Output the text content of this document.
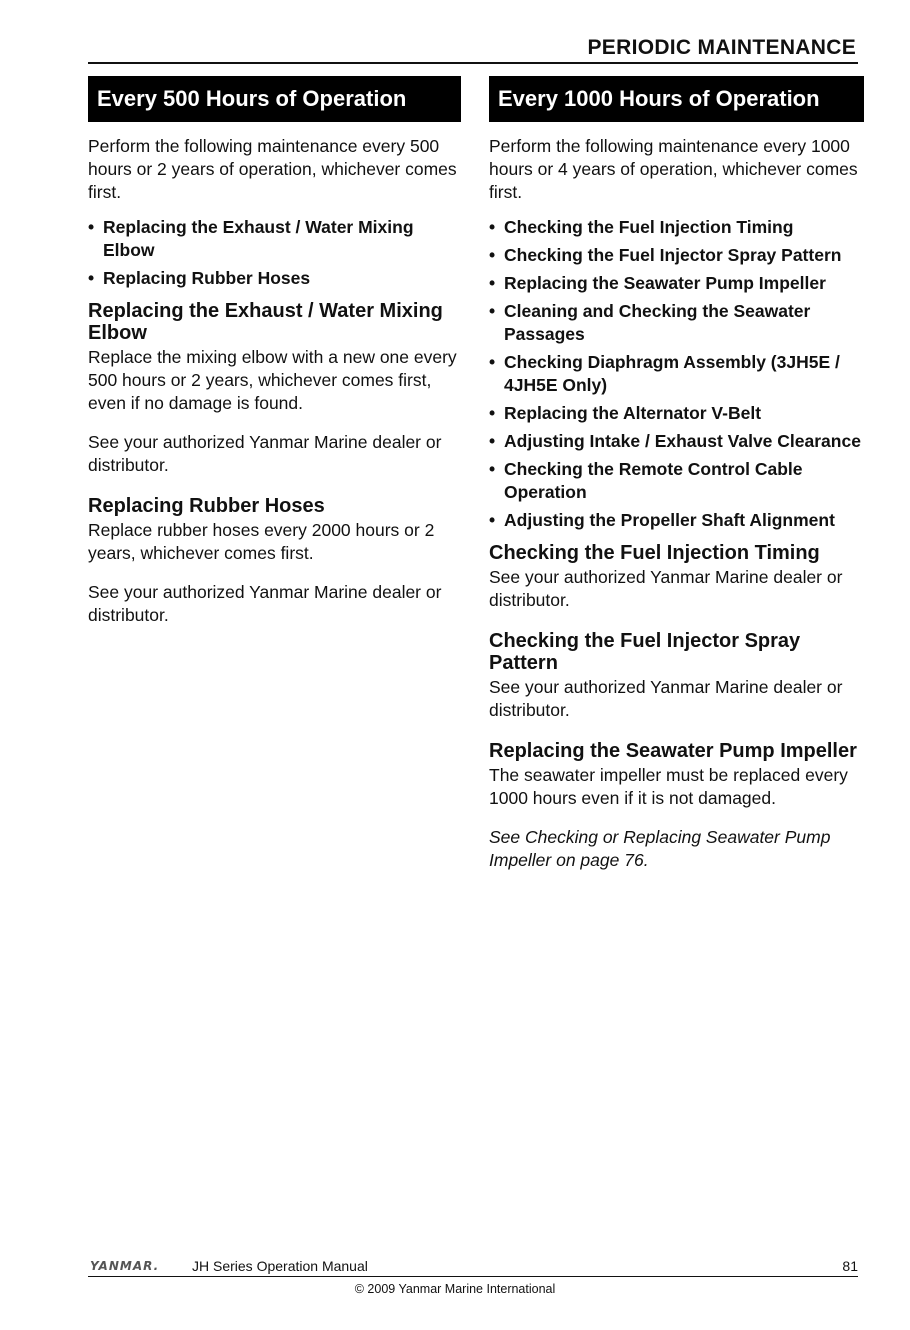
PERIODIC MAINTENANCE
Every 500 Hours of Operation

Perform the following maintenance every 500 hours or 2 years of operation, whichever comes first.

• Replacing the Exhaust / Water Mixing Elbow
• Replacing Rubber Hoses
Replacing the Exhaust / Water Mixing Elbow

Replace the mixing elbow with a new one every 500 hours or 2 years, whichever comes first, even if no damage is found.

See your authorized Yanmar Marine dealer or distributor.

Replacing Rubber Hoses

Replace rubber hoses every 2000 hours or 2 years, whichever comes first.

See your authorized Yanmar Marine dealer or distributor.

Every 1000 Hours of Operation

Perform the following maintenance every 1000 hours or 4 years of operation, whichever comes first.

• Checking the Fuel Injection Timing
• Checking the Fuel Injector Spray Pattern
• Replacing the Seawater Pump Impeller
• Cleaning and Checking the Seawater Passages
• Checking Diaphragm Assembly (3JH5E / 4JH5E Only)
• Replacing the Alternator V-Belt
• Adjusting Intake / Exhaust Valve Clearance
• Checking the Remote Control Cable Operation
• Adjusting the Propeller Shaft Alignment
Checking the Fuel Injection Timing

See your authorized Yanmar Marine dealer or distributor.

Checking the Fuel Injector Spray Pattern

See your authorized Yanmar Marine dealer or distributor.

Replacing the Seawater Pump Impeller

The seawater impeller must be replaced every 1000 hours even if it is not damaged.

See Checking or Replacing Seawater Pump Impeller on page 76.

YANMAR. JH Series Operation Manual	81
© 2009 Yanmar Marine International
